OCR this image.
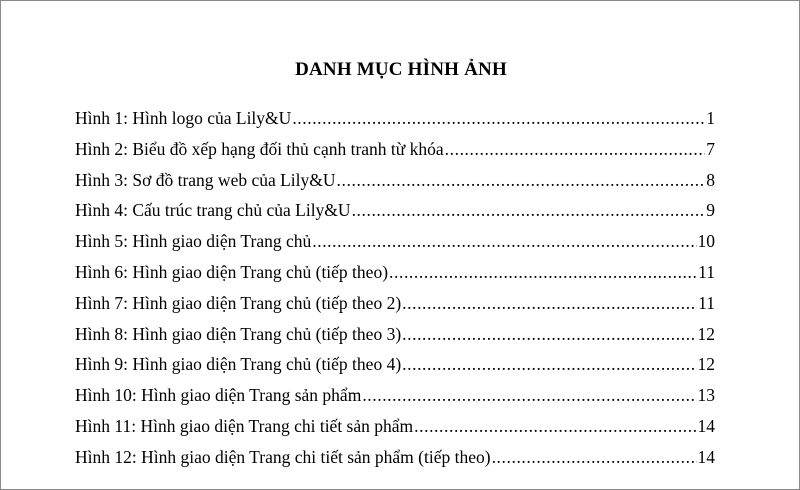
DANH MỤC HÌNH ẢNH
Hình 1: Hình logo của Lily&U .....	1
Hình 2: Biểu đồ xếp hạng đối thủ cạnh tranh từ khóa .....	7
Hình 3: Sơ đồ trang web của Lily&U .....	8
Hình 4: Cấu trúc trang chủ của Lily&U .....	9
Hình 5: Hình giao diện Trang chủ .....	10
Hình 6: Hình giao diện Trang chủ (tiếp theo) .....	11
Hình 7: Hình giao diện Trang chủ (tiếp theo 2) .....	11
Hình 8: Hình giao diện Trang chủ (tiếp theo 3) .....	12
Hình 9: Hình giao diện Trang chủ (tiếp theo 4) .....	12
Hình 10: Hình giao diện Trang sản phẩm .....	13
Hình 11: Hình giao diện Trang chi tiết sản phẩm .....	14
Hình 12: Hình giao diện Trang chi tiết sản phẩm (tiếp theo) .....	14
